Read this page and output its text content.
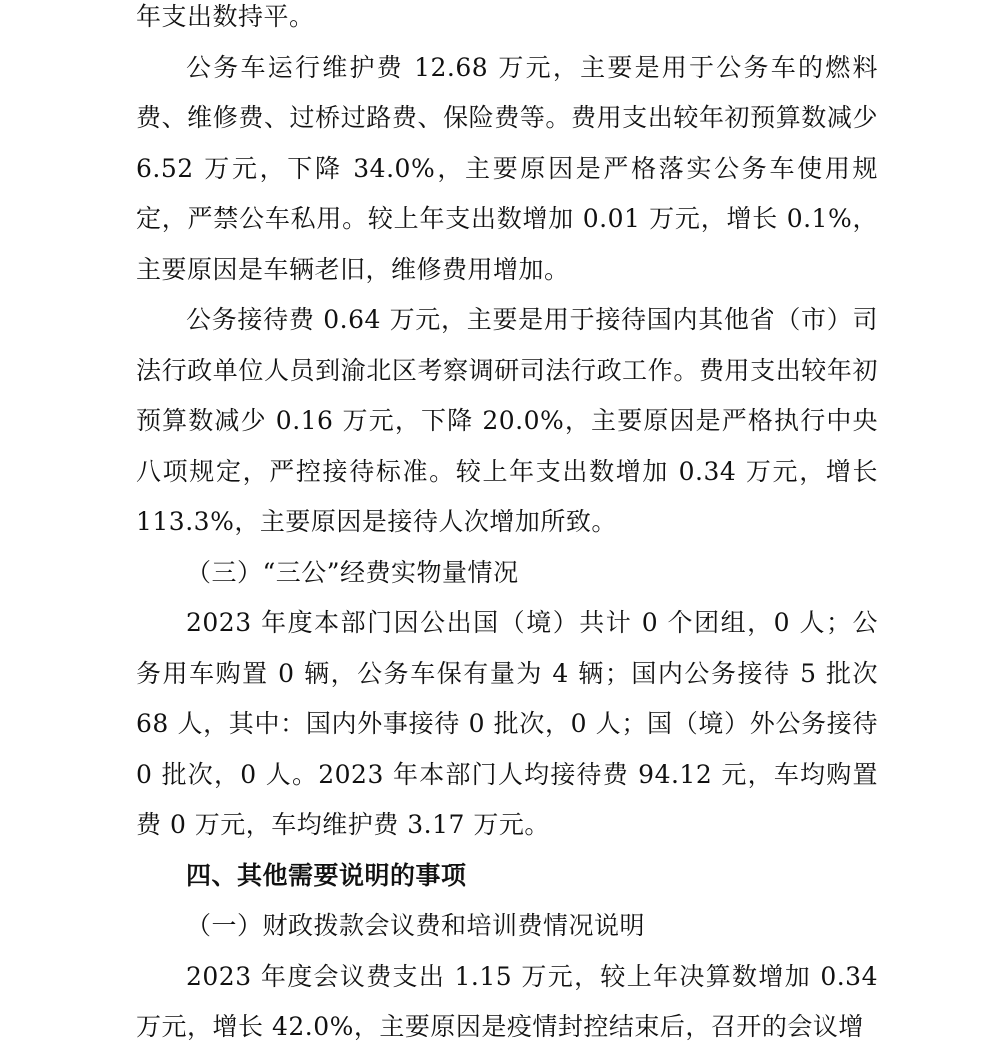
年支出数持平。

公务车运行维护费 12.68 万元，主要是用于公务车的燃料费、维修费、过桥过路费、保险费等。费用支出较年初预算数减少 6.52 万元，下降 34.0%，主要原因是严格落实公务车使用规定，严禁公车私用。较上年支出数增加 0.01 万元，增长 0.1%，主要原因是车辆老旧，维修费用增加。

公务接待费 0.64 万元，主要是用于接待国内其他省（市）司法行政单位人员到渝北区考察调研司法行政工作。费用支出较年初预算数减少 0.16 万元，下降 20.0%，主要原因是严格执行中央八项规定，严控接待标准。较上年支出数增加 0.34 万元，增长 113.3%，主要原因是接待人次增加所致。

（三）“三公”经费实物量情况

2023 年度本部门因公出国（境）共计 0 个团组，0 人；公务用车购置 0 辆，公务车保有量为 4 辆；国内公务接待 5 批次 68 人，其中：国内外事接待 0 批次，0 人；国（境）外公务接待 0 批次，0 人。2023 年本部门人均接待费 94.12 元，车均购置费 0 万元，车均维护费 3.17 万元。

四、其他需要说明的事项

（一）财政拨款会议费和培训费情况说明

2023 年度会议费支出 1.15 万元，较上年决算数增加 0.34 万元，增长 42.0%，主要原因是疫情封控结束后，召开的会议增
